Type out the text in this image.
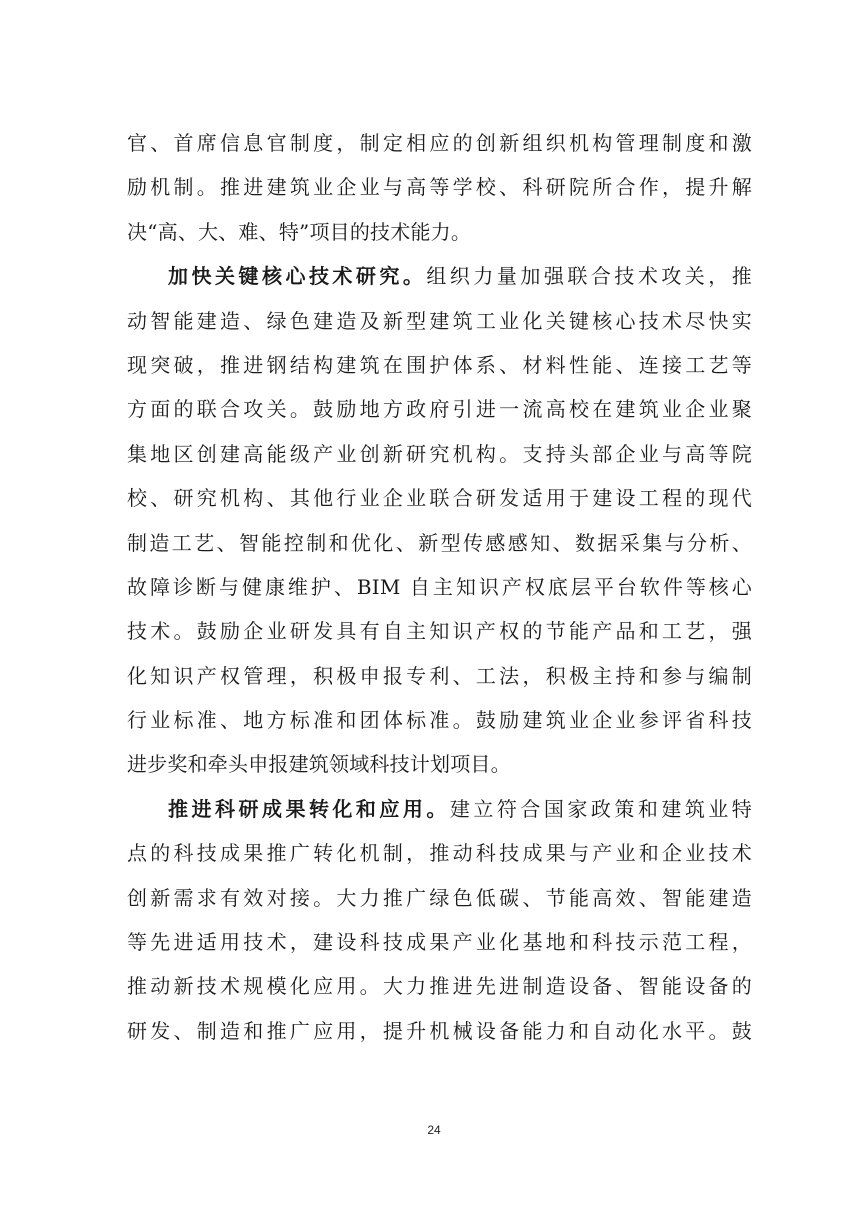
官、首席信息官制度，制定相应的创新组织机构管理制度和激
励机制。推进建筑业企业与高等学校、科研院所合作，提升解
决“高、大、难、特”项目的技术能力。
加快关键核心技术研究。组织力量加强联合技术攻关，推
动智能建造、绿色建造及新型建筑工业化关键核心技术尽快实
现突破，推进钢结构建筑在围护体系、材料性能、连接工艺等
方面的联合攻关。鼓励地方政府引进一流高校在建筑业企业聚
集地区创建高能级产业创新研究机构。支持头部企业与高等院
校、研究机构、其他行业企业联合研发适用于建设工程的现代
制造工艺、智能控制和优化、新型传感感知、数据采集与分析、
故障诊断与健康维护、BIM 自主知识产权底层平台软件等核心
技术。鼓励企业研发具有自主知识产权的节能产品和工艺，强
化知识产权管理，积极申报专利、工法，积极主持和参与编制
行业标准、地方标准和团体标准。鼓励建筑业企业参评省科技
进步奖和牵头申报建筑领域科技计划项目。
推进科研成果转化和应用。建立符合国家政策和建筑业特
点的科技成果推广转化机制，推动科技成果与产业和企业技术
创新需求有效对接。大力推广绿色低碳、节能高效、智能建造
等先进适用技术，建设科技成果产业化基地和科技示范工程，
推动新技术规模化应用。大力推进先进制造设备、智能设备的
研发、制造和推广应用，提升机械设备能力和自动化水平。鼓
24
